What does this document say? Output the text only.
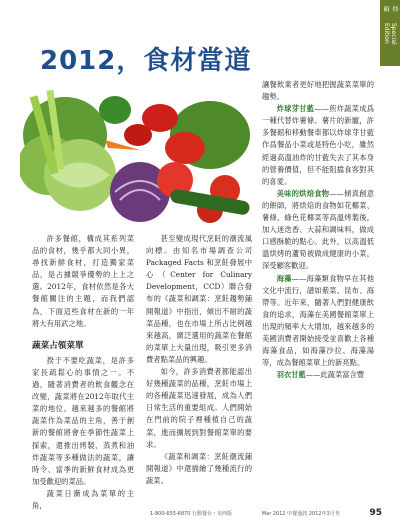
特輯
Special Edition
2012，食材當道

許多餐館，構成其系列菜品的食材，幾乎都大同小異，尋找新鮮食材，打造獨家菜品，是占據競爭優勢的上上之選。2012年，食材依然是各大餐館關注的主題，而我們認為，下面這些食材在新的一年將大有用武之地。

蔬菜占領菜單

揆于不要吃蔬菜，是許多家長疏鬆心的事情之一。不過，隨著消費者的飲食觀念在改變，蔬菜將在2012年取代主菜的地位。越來越多的餐館將蔬菜作為菜品的主角，善于創新的餐館將會在季節性蔬菜上探索，還推出烤製、蒸煮和油炸蔬菜等多種做法的蔬菜，讓時令、當季的新鮮食材成為更加受歡迎的菜品。

蔬菜日漸成為菜單的主角，

甚至變成現代烹飪的潮流風向標。由知名市場調查公司 Packaged Facts 和烹飪發展中心（Center for Culinary Development，CCD）聯合發布的《蔬菜和調菜：烹飪趨勢鋪開報道》中指出，傾出不耐的蔬菜品種，也在市場上所占比例越來越高，廣泛選用的蔬菜在餐館的菜單上大量出現，吸引更多消費者點菜品的興趣。

如今，許多消費者都能認出好幾種蔬菜的品種，烹飪市場上的各種蔬菜迅速發展，成為人們日常生活的重要組成。人們開始在門前的院子裡種植自己的蔬菜，進而擴展到對餐館菜單的要求。

《蔬菜和調菜：烹飪潮流鋪開報道》中還描繪了幾種流行的蔬菜。

讓餐飲業者更好地把握蔬菜菜單的趨勢。

炸球芽甘藍——煎炸蔬菜成爲一種代替炸薯條、薯片的新寵，許多餐館和移動餐車都以炸球芽甘藍作爲餐品小菜或是特色小吃，雖然經過高溫油炸的甘藍失去了其本身的營養價值，但不能阻擋食客對其的喜愛。

美味的烘焙食物——傾真創意的餅師，將烘焙的食物如花椰菜、薯條、綠色花椰菜等高溫烤製後，加入迷迭香、大蒜和調味料，做成口感酥脆的點心。此外，以高溫低溫烘烤的蘆筍被做成健康的小菜，深受顧客歡迎。

海藻——海藻類食物早在其他文化中流行，譜如紫菜、昆布、海帶等。近年來，隨著人們對健康飲食的追求，海藻在美國餐館菜單上出現的頻率大大增加，越來越多的美國消費者開始接受並喜歡上各種海藻食品，如海藻沙拉、海藻湯等，成為餐館菜單上的新亮點。

羽衣甘藍——此蔬菜富含豐

1-800-655-6870 行動餐台・美西版	Mar 2012 中餐通訊 2012年3月刊	95
